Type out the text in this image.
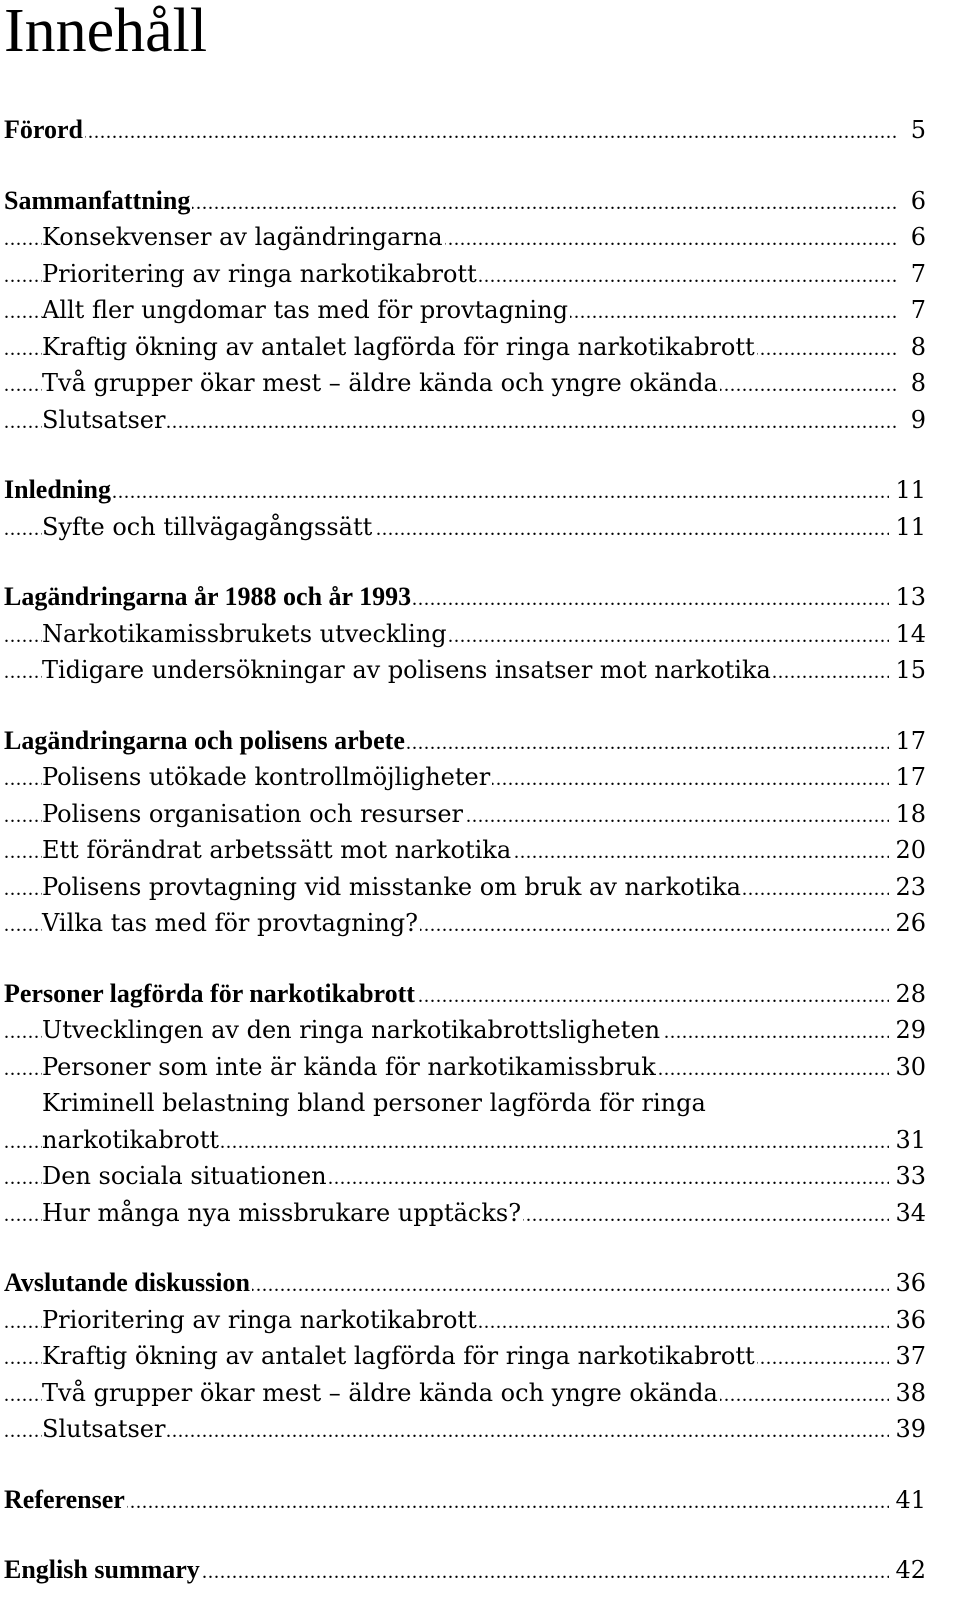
Innehåll
. . .
Förord	5
. . .
Sammanfattning	6
. . .
Konsekvenser av lagändringarna	6
. . .
Prioritering av ringa narkotikabrott	7
. . .
Allt fler ungdomar tas med för provtagning	7
. . .
Kraftig ökning av antalet lagförda för ringa narkotikabrott	8
. . .
Två grupper ökar mest – äldre kända och yngre okända	8
. . .
Slutsatser	9
. . .
Inledning	11
. . .
Syfte och tillvägagångssätt	11
. . .
Lagändringarna år 1988 och år 1993	13
. . .
Narkotikamissbrukets utveckling	14
. . .
Tidigare undersökningar av polisens insatser mot narkotika	15
. . .
Lagändringarna och polisens arbete	17
. . .
Polisens utökade kontrollmöjligheter	17
. . .
Polisens organisation och resurser	18
. . .
Ett förändrat arbetssätt mot narkotika	20
. . .
Polisens provtagning vid misstanke om bruk av narkotika	23
. . .
Vilka tas med för provtagning?	26
. . .
Personer lagförda för narkotikabrott	28
. . .
Utvecklingen av den ringa narkotikabrottsligheten	29
. . .
Personer som inte är kända för narkotikamissbruk	30
Kriminell belastning bland personer lagförda för ringa
. . .
narkotikabrott	31
. . .
Den sociala situationen	33
. . .
Hur många nya missbrukare upptäcks?	34
. . .
Avslutande diskussion	36
. . .
Prioritering av ringa narkotikabrott	36
. . .
Kraftig ökning av antalet lagförda för ringa narkotikabrott	37
. . .
Två grupper ökar mest – äldre kända och yngre okända	38
. . .
Slutsatser	39
. . .
Referenser	41
. . .
English summary	42
